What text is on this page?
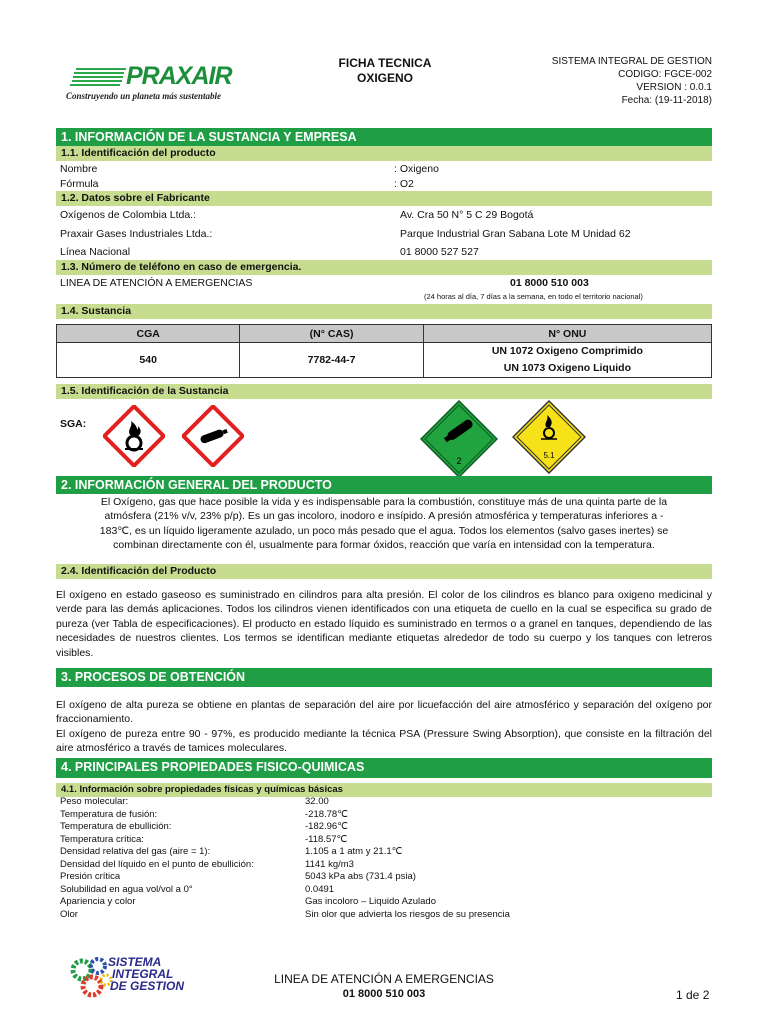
PRAXAIR
Construyendo un planeta más sustentable
FICHA TECNICA
OXIGENO
SISTEMA INTEGRAL DE GESTION
CODIGO: FGCE-002
VERSION : 0.0.1
Fecha: (19-11-2018)
1. INFORMACIÓN DE LA SUSTANCIA Y EMPRESA
1.1. Identificación del producto
Nombre	: Oxigeno
Fórmula	: O2
1.2. Datos sobre el Fabricante
Oxígenos de Colombia Ltda.:	Av. Cra 50 N° 5 C 29 Bogotá
Praxair Gases Industriales Ltda.:	Parque Industrial Gran Sabana Lote M Unidad 62
Línea Nacional	01 8000 527 527
1.3. Número de teléfono en caso de emergencia.
LINEA DE ATENCIÓN A EMERGENCIAS	01 8000 510 003
(24 horas al día, 7 días a la semana, en todo el territorio nacional)
1.4. Sustancia
CGA	(N° CAS)	N° ONU
540	7782-44-7	UN 1072 Oxigeno Comprimido
UN 1073 Oxigeno Liquido
1.5. Identificación de la Sustancia
SGA:
2
5.1
2. INFORMACIÓN GENERAL DEL PRODUCTO
El Oxígeno, gas que hace posible la vida y es indispensable para la combustión, constituye más de una quinta parte de la
atmósfera (21% v/v, 23% p/p). Es un gas incoloro, inodoro e insípido. A presión atmosférica y temperaturas inferiores a -
183℃, es un líquido ligeramente azulado, un poco más pesado que el agua. Todos los elementos (salvo gases inertes) se
combinan directamente con él, usualmente para formar óxidos, reacción que varía en intensidad con la temperatura.
2.4. Identificación del Producto
El oxígeno en estado gaseoso es suministrado en cilindros para alta presión. El color de los cilindros es blanco para oxigeno medicinal y verde para las demás aplicaciones. Todos los cilindros vienen identificados con una etiqueta de cuello en la cual se especifica su grado de pureza (ver Tabla de especificaciones). El producto en estado líquido es suministrado en termos o a granel en tanques, dependiendo de las necesidades de nuestros clientes. Los termos se identifican mediante etiquetas alrededor de todo su cuerpo y los tanques con letreros visibles.
3. PROCESOS DE OBTENCIÓN
El oxígeno de alta pureza se obtiene en plantas de separación del aire por licuefacción del aire atmosférico y separación del oxígeno por fraccionamiento.
El oxígeno de pureza entre 90 - 97%, es producido mediante la técnica PSA (Pressure Swing Absorption), que consiste en la filtración del aire atmosférico a través de tamices moleculares.
4. PRINCIPALES PROPIEDADES FISICO-QUIMICAS
4.1. Información sobre propiedades físicas y químicas básicas
Peso molecular:	32.00
Temperatura de fusión:	-218.78℃
Temperatura de ebullición:	-182.96℃
Temperatura crítica:	-118.57℃
Densidad relativa del gas (aire = 1):	1.105 a 1 atm y 21.1℃
Densidad del líquido en el punto de ebullición:	1141 kg/m3
Presión crítica	5043 kPa abs (731.4 psia)
Solubilidad en agua vol/vol a 0°	0.0491
Apariencia y color	Gas incoloro – Liquido Azulado
Olor	Sin olor que advierta los riesgos de su presencia
SISTEMA
INTEGRAL
DE GESTION	LINEA DE ATENCIÓN A EMERGENCIAS
01 8000 510 003	1 de 2
